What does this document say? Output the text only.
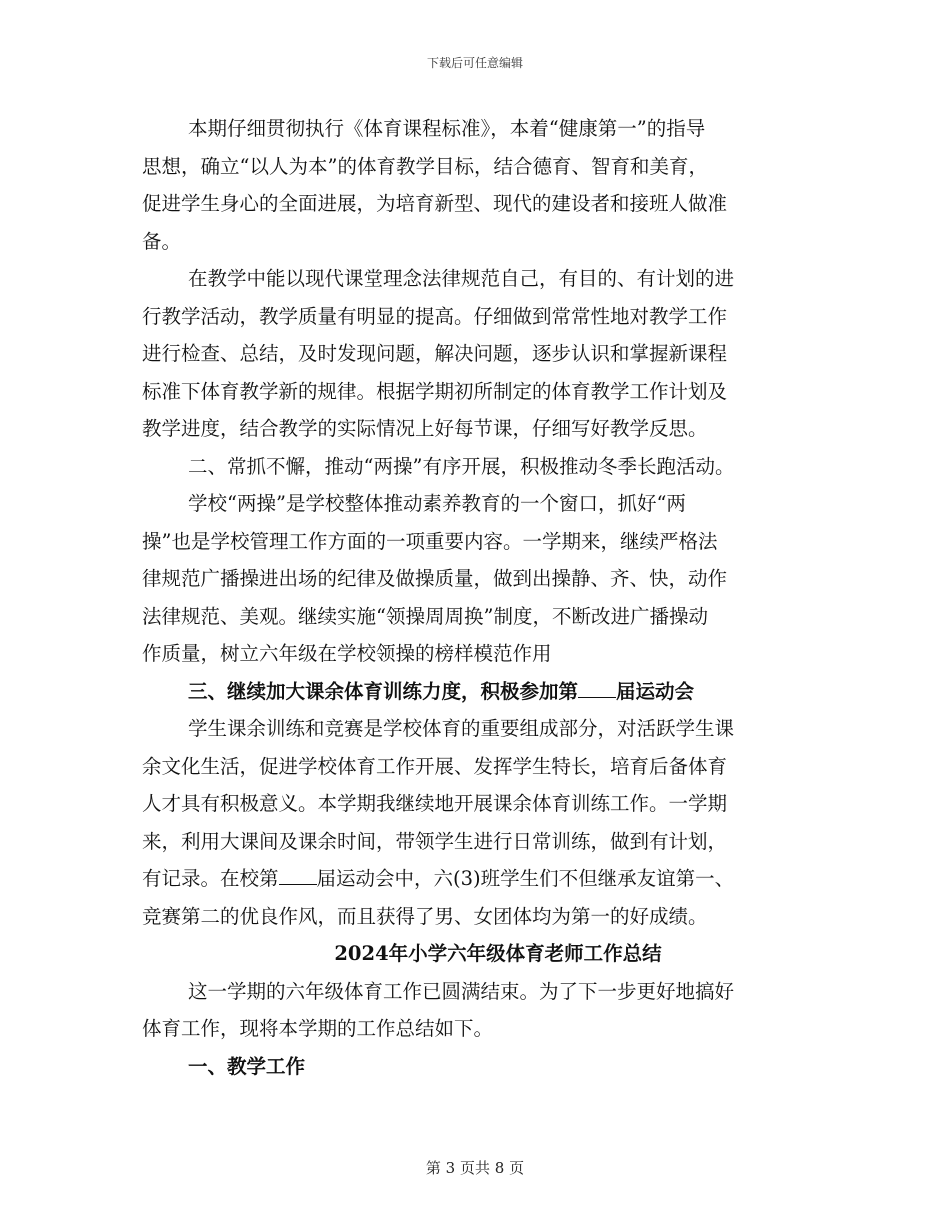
下载后可任意编辑

本期仔细贯彻执行《体育课程标准》，本着“健康第一”的指导

思想，确立“以人为本”的体育教学目标，结合德育、智育和美育，

促进学生身心的全面进展，为培育新型、现代的建设者和接班人做准

备。

在教学中能以现代课堂理念法律规范自己，有目的、有计划的进

行教学活动，教学质量有明显的提高。仔细做到常常性地对教学工作

进行检查、总结，及时发现问题，解决问题，逐步认识和掌握新课程

标准下体育教学新的规律。根据学期初所制定的体育教学工作计划及

教学进度，结合教学的实际情况上好每节课，仔细写好教学反思。

二、常抓不懈，推动“两操”有序开展，积极推动冬季长跑活动。

学校“两操”是学校整体推动素养教育的一个窗口，抓好“两

操”也是学校管理工作方面的一项重要内容。一学期来，继续严格法

律规范广播操进出场的纪律及做操质量，做到出操静、齐、快，动作

法律规范、美观。继续实施“领操周周换”制度，不断改进广播操动

作质量，树立六年级在学校领操的榜样模范作用

三、继续加大课余体育训练力度，积极参加第 届运动会

学生课余训练和竞赛是学校体育的重要组成部分，对活跃学生课

余文化生活，促进学校体育工作开展、发挥学生特长，培育后备体育

人才具有积极意义。本学期我继续地开展课余体育训练工作。一学期

来，利用大课间及课余时间，带领学生进行日常训练，做到有计划，

有记录。在校第 届运动会中，六(3)班学生们不但继承友谊第一、

竞赛第二的优良作风，而且获得了男、女团体均为第一的好成绩。

2024年小学六年级体育老师工作总结

这一学期的六年级体育工作已圆满结束。为了下一步更好地搞好

体育工作，现将本学期的工作总结如下。

一、教学工作

第 3 页共 8 页
